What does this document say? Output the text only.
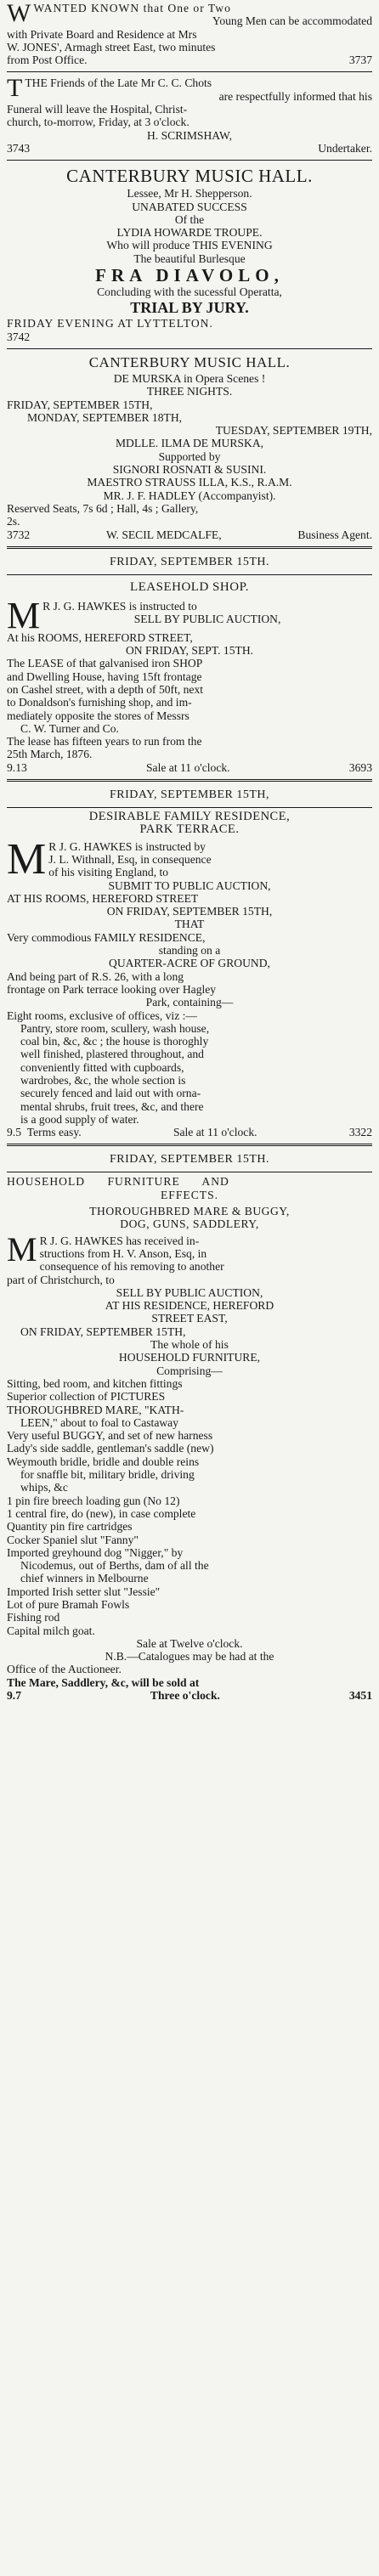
WWANTED KNOWN that One or Two
Young Men can be accommodated
with Private Board and Residence at Mrs
W. JONES', Armagh street East, two minutes
from Post Office.	3737
TTHE Friends of the Late Mr C. C. Chots
are respectfully informed that his
Funeral will leave the Hospital, Christ-
church, to-morrow, Friday, at 3 o'clock.
H. SCRIMSHAW,
3743	Undertaker.
CANTERBURY MUSIC HALL.
Lessee, Mr H. Shepperson.
UNABATED SUCCESS
Of the
LYDIA HOWARDE TROUPE.
Who will produce THIS EVENING
The beautiful Burlesque
FRA DIAVOLO,
Concluding with the sucessful Operatta,
TRIAL BY JURY.
FRIDAY EVENING AT LYTTELTON.
3742
CANTERBURY MUSIC HALL.
DE MURSKA in Opera Scenes !
THREE NIGHTS.
FRIDAY, SEPTEMBER 15TH,
MONDAY, SEPTEMBER 18TH,
TUESDAY, SEPTEMBER 19TH,
MDLLE. ILMA DE MURSKA,
Supported by
SIGNORI ROSNATI & SUSINI.
MAESTRO STRAUSS ILLA, K.S., R.A.M.
MR. J. F. HADLEY (Accompanyist).
Reserved Seats, 7s 6d ; Hall, 4s ; Gallery,
2s.
3732	W. SECIL MEDCALFE,	Business Agent.
FRIDAY, SEPTEMBER 15TH.
LEASEHOLD SHOP.
M R J. G. HAWKES is instructed to
SELL BY PUBLIC AUCTION,
At his ROOMS, HEREFORD STREET,
ON FRIDAY, SEPT. 15TH.
The LEASE of that galvanised iron SHOP
and Dwelling House, having 15ft frontage
on Cashel street, with a depth of 50ft, next
to Donaldson's furnishing shop, and im-
mediately opposite the stores of Messrs
C. W. Turner and Co.
The lease has fifteen years to run from the
25th March, 1876.
9.13	Sale at 11 o'clock.	3693
FRIDAY, SEPTEMBER 15TH,
DESIRABLE FAMILY RESIDENCE,
PARK TERRACE.
M R J. G. HAWKES is instructed by
J. L. Withnall, Esq, in consequence
of his visiting England, to
SUBMIT TO PUBLIC AUCTION,
AT HIS ROOMS, HEREFORD STREET
ON FRIDAY, SEPTEMBER 15TH,
THAT
Very commodious FAMILY RESIDENCE,
standing on a
QUARTER-ACRE OF GROUND,
And being part of R.S. 26, with a long
frontage on Park terrace looking over Hagley
Park, containing—
Eight rooms, exclusive of offices, viz :—
Pantry, store room, scullery, wash house,
coal bin, &c, &c ; the house is thoroghly
well finished, plastered throughout, and
conveniently fitted with cupboards,
wardrobes, &c, the whole section is
securely fenced and laid out with orna-
mental shrubs, fruit trees, &c, and there
is a good supply of water.
9.5 Terms easy.	Sale at 11 o'clock.	3322
FRIDAY, SEPTEMBER 15TH.
HOUSEHOLD FURNITURE AND
EFFECTS.
THOROUGHBRED MARE & BUGGY,
DOG, GUNS, SADDLERY,
M R J. G. HAWKES has received in-
structions from H. V. Anson, Esq, in
consequence of his removing to another
part of Christchurch, to
SELL BY PUBLIC AUCTION,
AT HIS RESIDENCE, HEREFORD
STREET EAST,
ON FRIDAY, SEPTEMBER 15TH,
The whole of his
HOUSEHOLD FURNITURE,
Comprising—
Sitting, bed room, and kitchen fittings
Superior collection of PICTURES
THOROUGHBRED MARE, "KATH-
LEEN," about to foal to Castaway
Very useful BUGGY, and set of new harness
Lady's side saddle, gentleman's saddle (new)
Weymouth bridle, bridle and double reins
for snaffle bit, military bridle, driving
whips, &c
1 pin fire breech loading gun (No 12)
1 central fire, do (new), in case complete
Quantity pin fire cartridges
Cocker Spaniel slut "Fanny"
Imported greyhound dog "Nigger," by
Nicodemus, out of Berths, dam of all the
chief winners in Melbourne
Imported Irish setter slut "Jessie"
Lot of pure Bramah Fowls
Fishing rod
Capital milch goat.
Sale at Twelve o'clock.
N.B.—Catalogues may be had at the
Office of the Auctioneer.
The Mare, Saddlery, &c, will be sold at
9.7	Three o'clock.	3451
